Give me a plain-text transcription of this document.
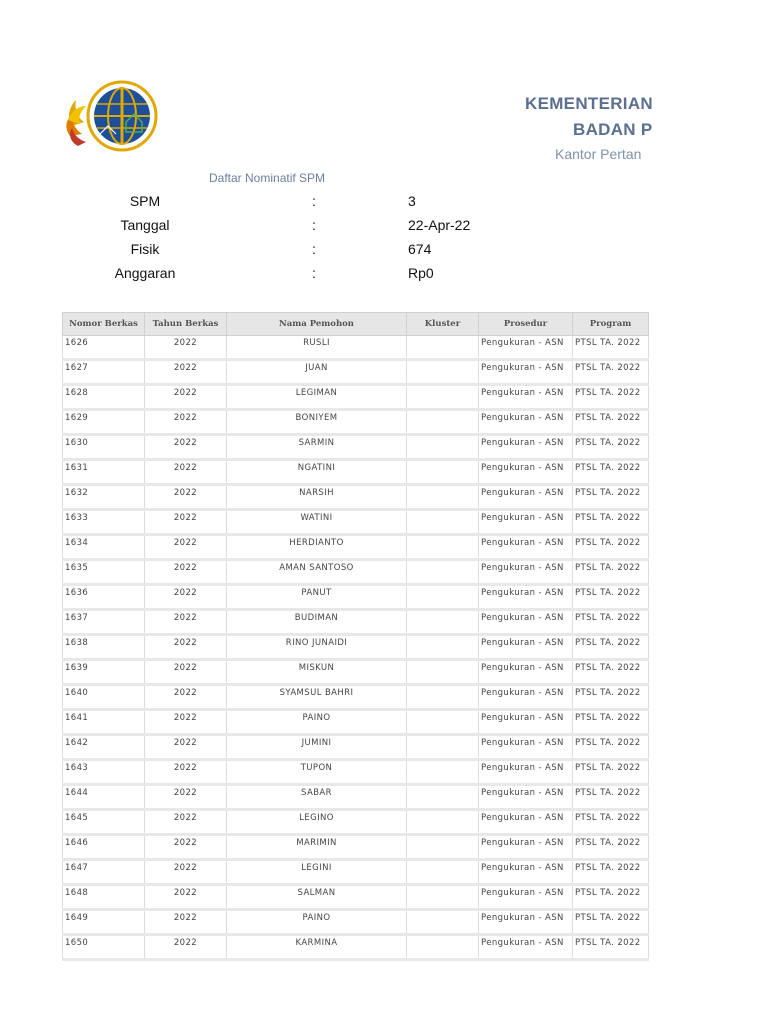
KEMENTERIAN
BADAN P
Kantor Pertan
Daftar Nominatif SPM
SPM	:	3
Tanggal	:	22-Apr-22
Fisik	:	674
Anggaran	:	Rp0
Nomor Berkas	Tahun Berkas	Nama Pemohon	Kluster	Prosedur	Program
1626	2022	RUSLI		Pengukuran - ASN	PTSL TA. 2022
1627	2022	JUAN		Pengukuran - ASN	PTSL TA. 2022
1628	2022	LEGIMAN		Pengukuran - ASN	PTSL TA. 2022
1629	2022	BONIYEM		Pengukuran - ASN	PTSL TA. 2022
1630	2022	SARMIN		Pengukuran - ASN	PTSL TA. 2022
1631	2022	NGATINI		Pengukuran - ASN	PTSL TA. 2022
1632	2022	NARSIH		Pengukuran - ASN	PTSL TA. 2022
1633	2022	WATINI		Pengukuran - ASN	PTSL TA. 2022
1634	2022	HERDIANTO		Pengukuran - ASN	PTSL TA. 2022
1635	2022	AMAN SANTOSO		Pengukuran - ASN	PTSL TA. 2022
1636	2022	PANUT		Pengukuran - ASN	PTSL TA. 2022
1637	2022	BUDIMAN		Pengukuran - ASN	PTSL TA. 2022
1638	2022	RINO JUNAIDI		Pengukuran - ASN	PTSL TA. 2022
1639	2022	MISKUN		Pengukuran - ASN	PTSL TA. 2022
1640	2022	SYAMSUL BAHRI		Pengukuran - ASN	PTSL TA. 2022
1641	2022	PAINO		Pengukuran - ASN	PTSL TA. 2022
1642	2022	JUMINI		Pengukuran - ASN	PTSL TA. 2022
1643	2022	TUPON		Pengukuran - ASN	PTSL TA. 2022
1644	2022	SABAR		Pengukuran - ASN	PTSL TA. 2022
1645	2022	LEGINO		Pengukuran - ASN	PTSL TA. 2022
1646	2022	MARIMIN		Pengukuran - ASN	PTSL TA. 2022
1647	2022	LEGINI		Pengukuran - ASN	PTSL TA. 2022
1648	2022	SALMAN		Pengukuran - ASN	PTSL TA. 2022
1649	2022	PAINO		Pengukuran - ASN	PTSL TA. 2022
1650	2022	KARMINA		Pengukuran - ASN	PTSL TA. 2022
